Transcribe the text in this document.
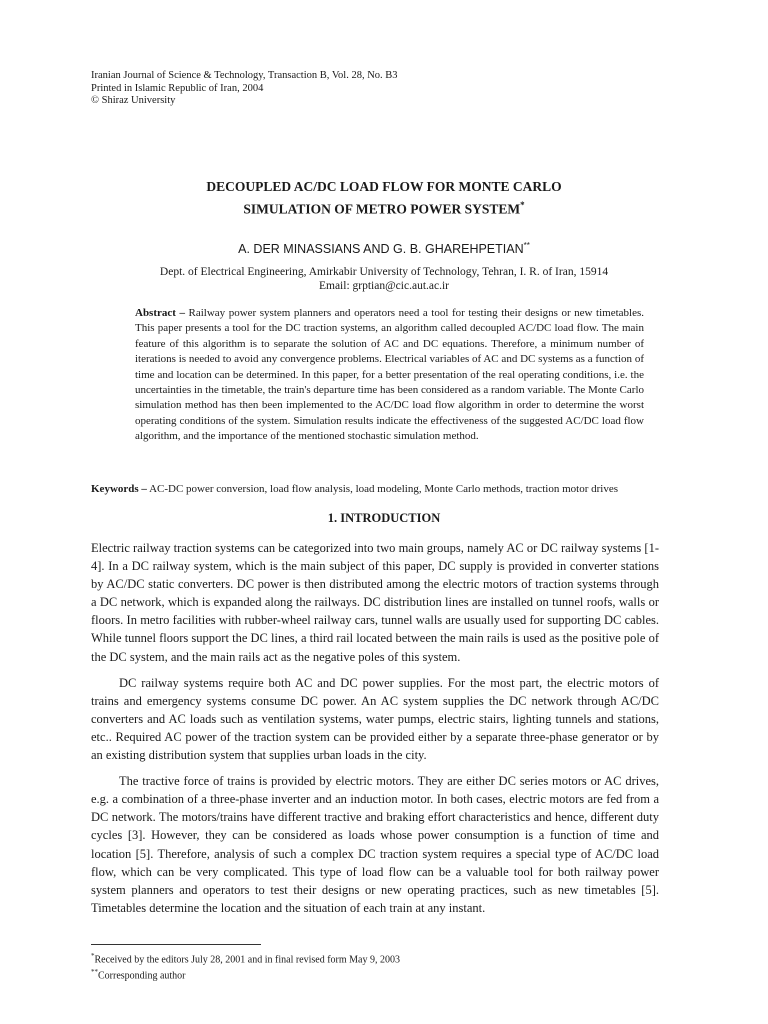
Iranian Journal of Science & Technology, Transaction B, Vol. 28, No. B3
Printed in Islamic Republic of Iran, 2004
© Shiraz University
DECOUPLED AC/DC LOAD FLOW FOR MONTE CARLO
SIMULATION OF METRO POWER SYSTEM*
A. DER MINASSIANS AND G. B. GHAREHPETIAN**
Dept. of Electrical Engineering, Amirkabir University of Technology, Tehran, I. R. of Iran, 15914
Email: grptian@cic.aut.ac.ir
Abstract – Railway power system planners and operators need a tool for testing their designs or new timetables. This paper presents a tool for the DC traction systems, an algorithm called decoupled AC/DC load flow. The main feature of this algorithm is to separate the solution of AC and DC equations. Therefore, a minimum number of iterations is needed to avoid any convergence problems. Electrical variables of AC and DC systems as a function of time and location can be determined. In this paper, for a better presentation of the real operating conditions, i.e. the uncertainties in the timetable, the train's departure time has been considered as a random variable. The Monte Carlo simulation method has then been implemented to the AC/DC load flow algorithm in order to determine the worst operating conditions of the system. Simulation results indicate the effectiveness of the suggested AC/DC load flow algorithm, and the importance of the mentioned stochastic simulation method.
Keywords – AC-DC power conversion, load flow analysis, load modeling, Monte Carlo methods, traction motor drives
1. INTRODUCTION

Electric railway traction systems can be categorized into two main groups, namely AC or DC railway systems [1-4]. In a DC railway system, which is the main subject of this paper, DC supply is provided in converter stations by AC/DC static converters. DC power is then distributed among the electric motors of traction systems through a DC network, which is expanded along the railways. DC distribution lines are installed on tunnel roofs, walls or floors. In metro facilities with rubber-wheel railway cars, tunnel walls are usually used for supporting DC cables. While tunnel floors support the DC lines, a third rail located between the main rails is used as the positive pole of the DC system, and the main rails act as the negative poles of this system.

DC railway systems require both AC and DC power supplies. For the most part, the electric motors of trains and emergency systems consume DC power. An AC system supplies the DC network through AC/DC converters and AC loads such as ventilation systems, water pumps, electric stairs, lighting tunnels and stations, etc.. Required AC power of the traction system can be provided either by a separate three-phase generator or by an existing distribution system that supplies urban loads in the city.

The tractive force of trains is provided by electric motors. They are either DC series motors or AC drives, e.g. a combination of a three-phase inverter and an induction motor. In both cases, electric motors are fed from a DC network. The motors/trains have different tractive and braking effort characteristics and hence, different duty cycles [3]. However, they can be considered as loads whose power consumption is a function of time and location [5]. Therefore, analysis of such a complex DC traction system requires a special type of AC/DC load flow, which can be very complicated. This type of load flow can be a valuable tool for both railway power system planners and operators to test their designs or new operating practices, such as new timetables [5]. Timetables determine the location and the situation of each train at any instant.

*Received by the editors July 28, 2001 and in final revised form May 9, 2003
**Corresponding author
